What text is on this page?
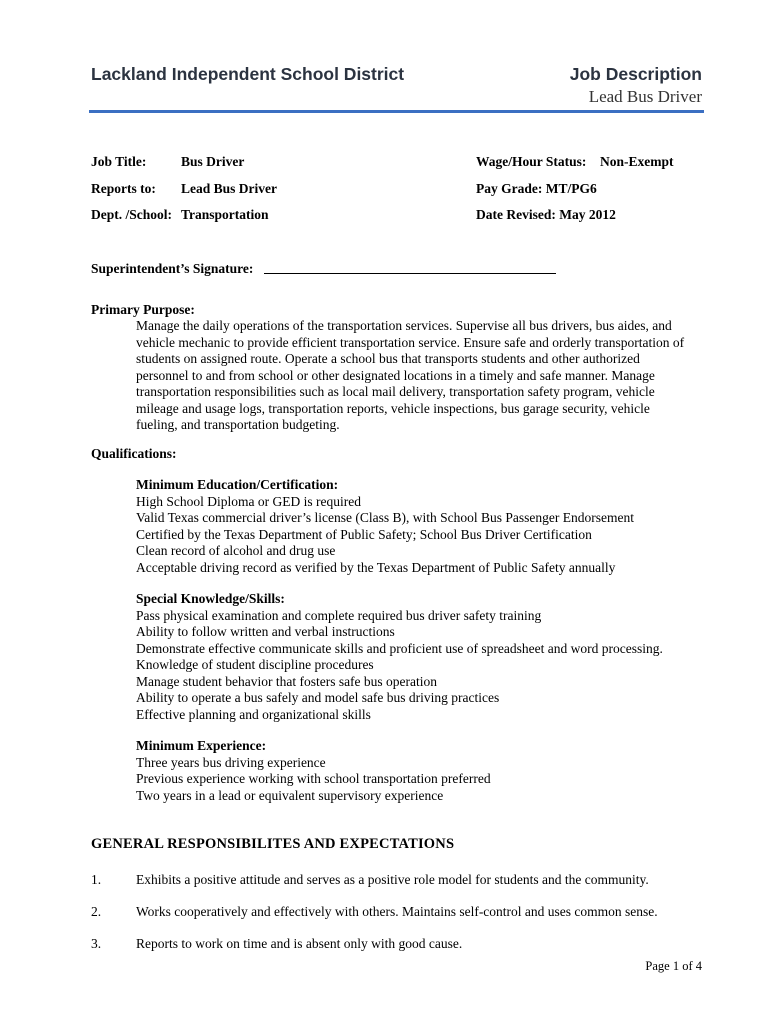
Lackland Independent School District	Job Description
Lead Bus Driver
Job Title:	Bus Driver
Reports to: Lead Bus Driver
Dept. /School: Transportation
Wage/Hour Status: Non-Exempt
Pay Grade: MT/PG6
Date Revised: May 2012
Superintendent’s Signature:
Primary Purpose:
Manage the daily operations of the transportation services. Supervise all bus drivers, bus aides, and
vehicle mechanic to provide efficient transportation service. Ensure safe and orderly transportation of
students on assigned route. Operate a school bus that transports students and other authorized
personnel to and from school or other designated locations in a timely and safe manner. Manage
transportation responsibilities such as local mail delivery, transportation safety program, vehicle
mileage and usage logs, transportation reports, vehicle inspections, bus garage security, vehicle
fueling, and transportation budgeting.
Qualifications:
Minimum Education/Certification:
High School Diploma or GED is required
Valid Texas commercial driver’s license (Class B), with School Bus Passenger Endorsement
Certified by the Texas Department of Public Safety; School Bus Driver Certification
Clean record of alcohol and drug use
Acceptable driving record as verified by the Texas Department of Public Safety annually
Special Knowledge/Skills:
Pass physical examination and complete required bus driver safety training
Ability to follow written and verbal instructions
Demonstrate effective communicate skills and proficient use of spreadsheet and word processing.
Knowledge of student discipline procedures
Manage student behavior that fosters safe bus operation
Ability to operate a bus safely and model safe bus driving practices
Effective planning and organizational skills
Minimum Experience:
Three years bus driving experience
Previous experience working with school transportation preferred
Two years in a lead or equivalent supervisory experience
GENERAL RESPONSIBILITES AND EXPECTATIONS
1.	Exhibits a positive attitude and serves as a positive role model for students and the community.
2.	Works cooperatively and effectively with others. Maintains self-control and uses common sense.
3.	Reports to work on time and is absent only with good cause.
Page 1 of 4
